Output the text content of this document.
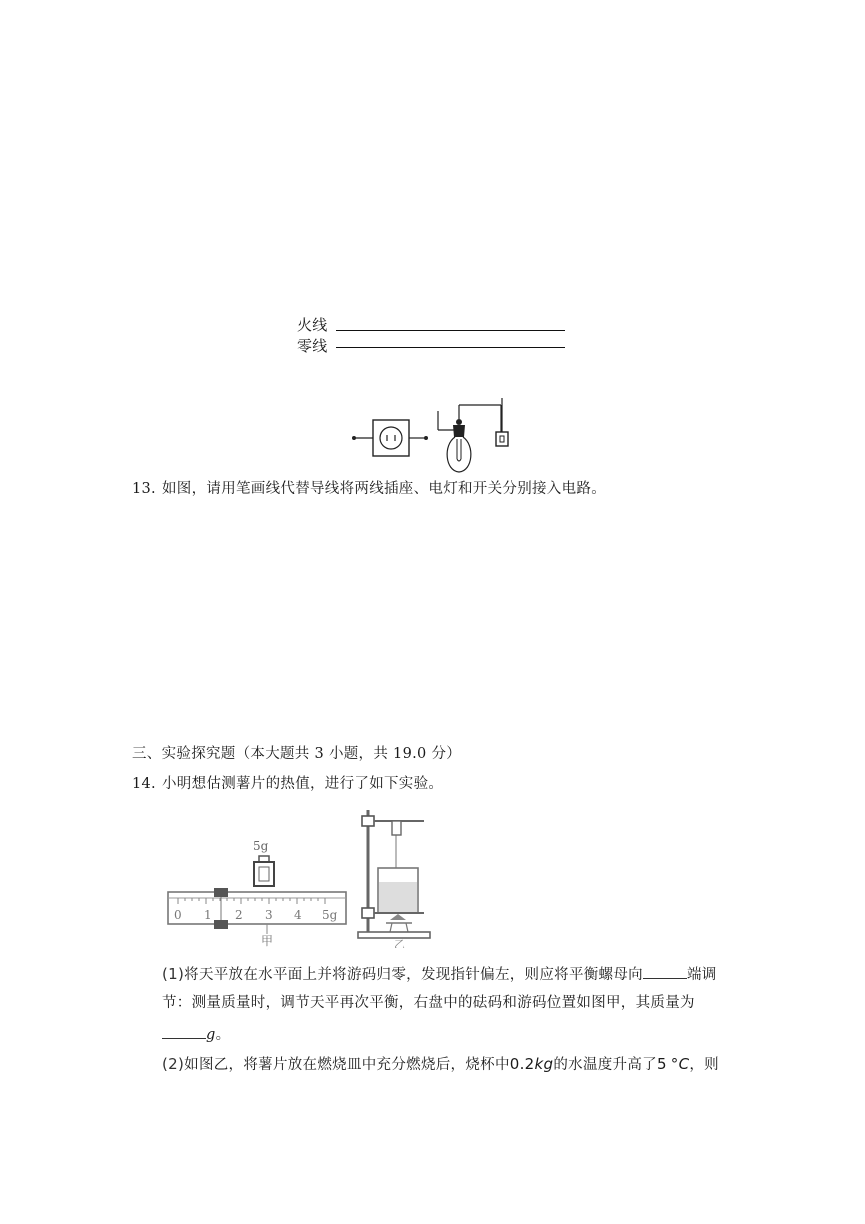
火线
零线
13. 如图，请用笔画线代替导线将两线插座、电灯和开关分别接入电路。
三、实验探究题（本大题共 3 小题，共 19.0 分）
14. 小明想估测薯片的热值，进行了如下实验。
5g
0 1 2 3 4 5g
甲	乙
(1)将天平放在水平面上并将游码归零，发现指针偏左，则应将平衡螺母向	端调
节：测量质量时，调节天平再次平衡，右盘中的砝码和游码位置如图甲，其质量为
g。
(2)如图乙，将薯片放在燃烧皿中充分燃烧后，烧杯中0.2kg的水温度升高了5 °C，则
